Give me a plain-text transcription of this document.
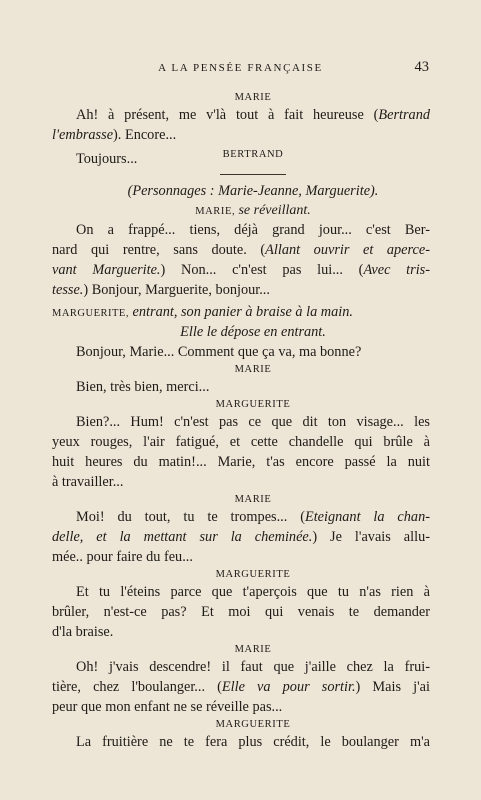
A LA PENSÉE FRANÇAISE	43
MARIE
Ah! à présent, me v'là tout à fait heureuse (Bertrand
l'embrasse). Encore...
BERTRAND
Toujours...
(Personnages : Marie-Jeanne, Marguerite).
MARIE, se réveillant.
On a frappé... tiens, déjà grand jour... c'est Ber-
nard qui rentre, sans doute. (Allant ouvrir et aperce-
vant Marguerite.) Non... c'n'est pas lui... (Avec tris-
tesse.) Bonjour, Marguerite, bonjour...
MARGUERITE, entrant, son panier à braise à la main.
Elle le dépose en entrant.
Bonjour, Marie... Comment que ça va, ma bonne?
MARIE
Bien, très bien, merci...
MARGUERITE
Bien?... Hum! c'n'est pas ce que dit ton visage... les
yeux rouges, l'air fatigué, et cette chandelle qui brûle à
huit heures du matin!... Marie, t'as encore passé la nuit
à travailler...
MARIE
Moi! du tout, tu te trompes... (Eteignant la chan-
delle, et la mettant sur la cheminée.) Je l'avais allu-
mée.. pour faire du feu...
MARGUERITE
Et tu l'éteins parce que t'aperçois que tu n'as rien à
brûler, n'est-ce pas? Et moi qui venais te demander
d'la braise.
MARIE
Oh! j'vais descendre! il faut que j'aille chez la frui-
tière, chez l'boulanger... (Elle va pour sortir.) Mais j'ai
peur que mon enfant ne se réveille pas...
MARGUERITE
La fruitière ne te fera plus crédit, le boulanger m'a
